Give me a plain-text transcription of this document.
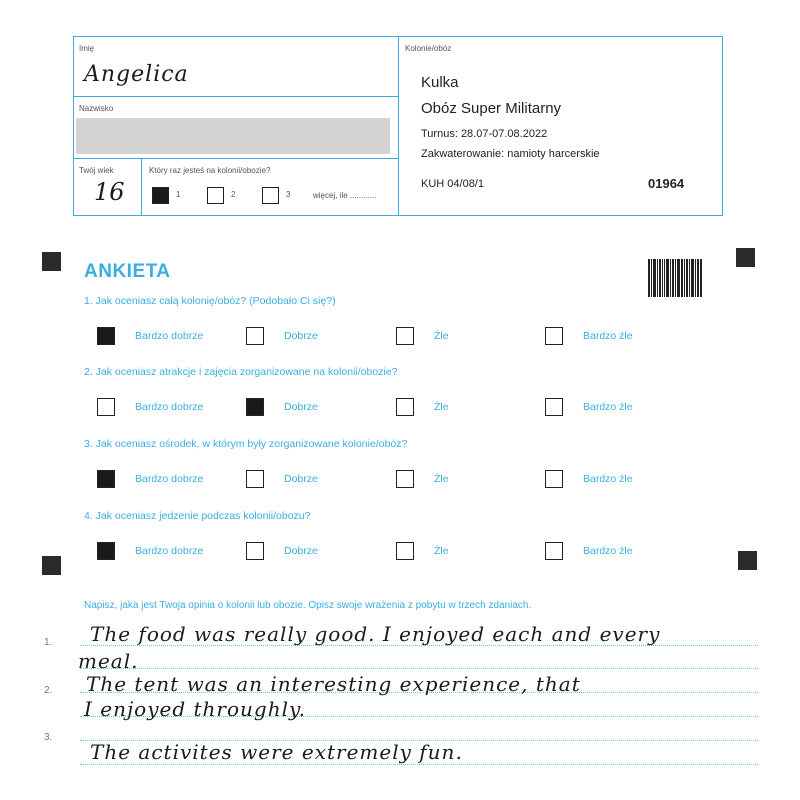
Imię
Angelica
Nazwisko
Twój wiek
16
Który raz jesteś na kolonii/obozie?
1	2	3	więcej, ile ............
Kolonie/obóz
Kulka
Obóz Super Militarny
Turnus: 28.07-07.08.2022
Zakwaterowanie: namioty harcerskie
KUH 04/08/1	01964
ANKIETA
1. Jak oceniasz całą kolonię/obóz? (Podobało Ci się?)
Bardzo dobrze	Dobrze	Źle	Bardzo źle
2. Jak oceniasz atrakcje i zajęcia zorganizowane na kolonii/obozie?
Bardzo dobrze	Dobrze	Źle	Bardzo źle
3. Jak oceniasz ośrodek, w którym były zorganizowane kolonie/obóz?
Bardzo dobrze	Dobrze	Źle	Bardzo źle
4. Jak oceniasz jedzenie podczas kolonii/obozu?
Bardzo dobrze	Dobrze	Źle	Bardzo źle
Napisz, jaka jest Twoja opinia o kolonii lub obozie. Opisz swoje wrażenia z pobytu w trzech zdaniach.
1.
2.
3.
The food was really good. I enjoyed each and every
meal.
The tent was an interesting experience, that
I enjoyed throughly.
The activites were extremely fun.
